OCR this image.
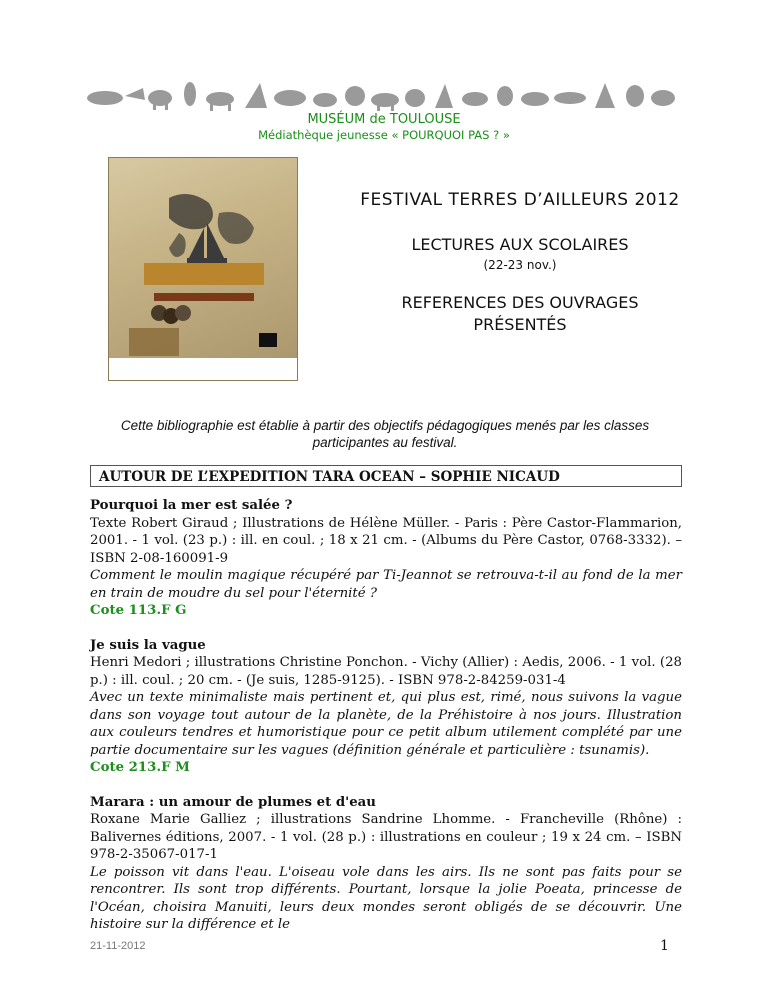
MUSÉUM de TOULOUSE
Médiathèque jeunesse « POURQUOI PAS ? »
FESTIVAL TERRES D’AILLEURS 2012
LECTURES AUX SCOLAIRES
(22-23 nov.)
REFERENCES DES OUVRAGES
PRÉSENTÉS
Cette bibliographie est établie à partir des objectifs pédagogiques menés par les classes participantes au festival.
AUTOUR DE L’EXPEDITION TARA OCEAN – SOPHIE NICAUD
Pourquoi la mer est salée ?
Texte Robert Giraud ; Illustrations de Hélène Müller. - Paris : Père Castor-Flammarion, 2001. - 1 vol. (23 p.) : ill. en coul. ; 18 x 21 cm. - (Albums du Père Castor, 0768-3332). – ISBN 2-08-160091-9
Comment le moulin magique récupéré par Ti-Jeannot se retrouva-t-il au fond de la mer en train de moudre du sel pour l'éternité ?
Cote 113.F G
Je suis la vague
Henri Medori ; illustrations Christine Ponchon. - Vichy (Allier) : Aedis, 2006. - 1 vol. (28 p.) : ill. coul. ; 20 cm. - (Je suis, 1285-9125). - ISBN 978-2-84259-031-4
Avec un texte minimaliste mais pertinent et, qui plus est, rimé, nous suivons la vague dans son voyage tout autour de la planète, de la Préhistoire à nos jours. Illustration aux couleurs tendres et humoristique pour ce petit album utilement complété par une partie documentaire sur les vagues (définition générale et particulière : tsunamis).
Cote 213.F M
Marara : un amour de plumes et d'eau
Roxane Marie Galliez ; illustrations Sandrine Lhomme. - Francheville (Rhône) : Balivernes éditions, 2007. - 1 vol. (28 p.) : illustrations en couleur ; 19 x 24 cm. – ISBN 978-2-35067-017-1
Le poisson vit dans l'eau. L'oiseau vole dans les airs. Ils ne sont pas faits pour se rencontrer. Ils sont trop différents. Pourtant, lorsque la jolie Poeata, princesse de l'Océan, choisira Manuiti, leurs deux mondes seront obligés de se découvrir. Une histoire sur la différence et le
21-11-2012	1
